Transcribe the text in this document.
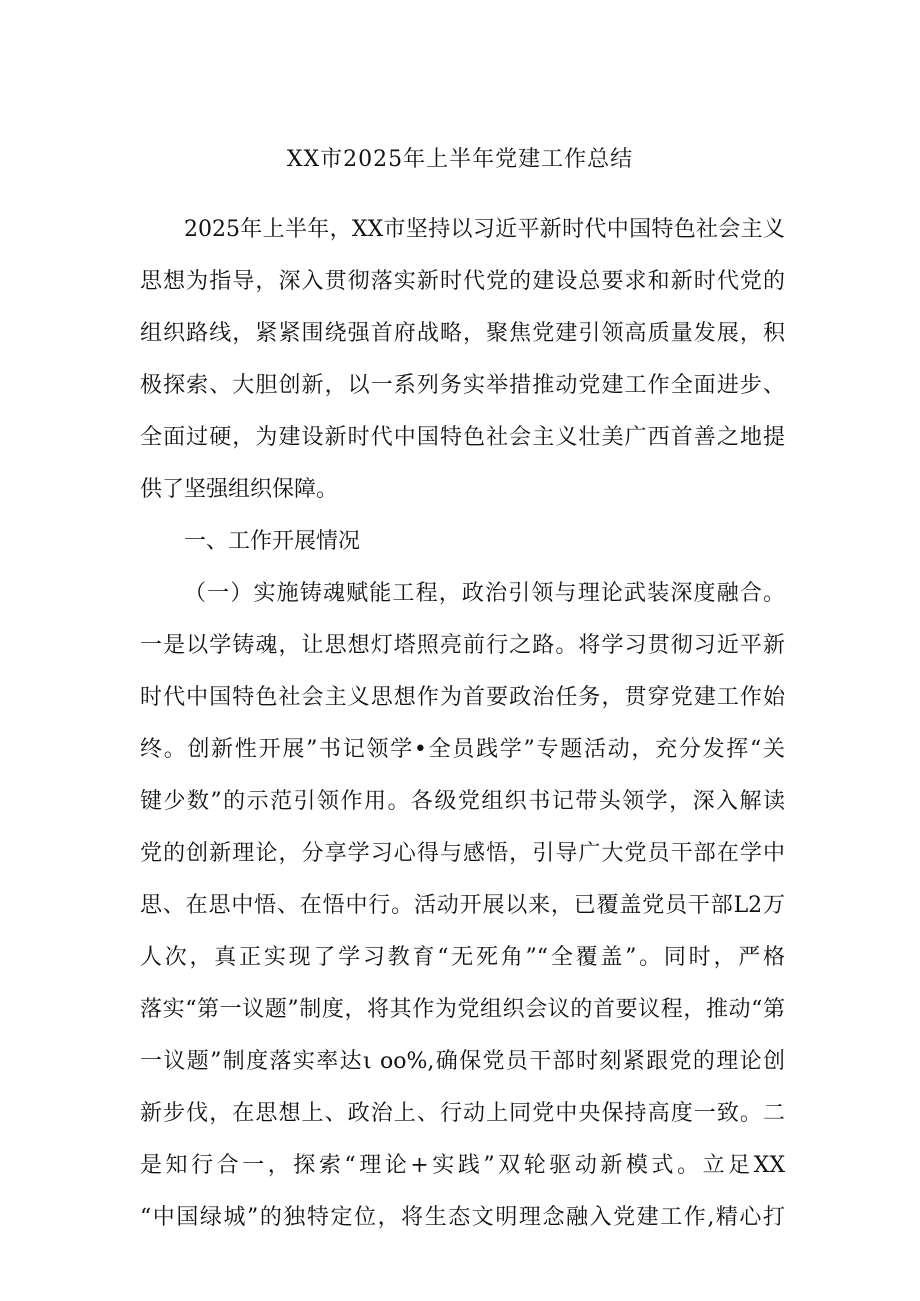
XX市2025年上半年党建工作总结
2025年上半年，XX市坚持以习近平新时代中国特色社会主义
思想为指导，深入贯彻落实新时代党的建设总要求和新时代党的
组织路线，紧紧围绕强首府战略，聚焦党建引领高质量发展，积
极探索、大胆创新，以一系列务实举措推动党建工作全面进步、
全面过硬，为建设新时代中国特色社会主义壮美广西首善之地提
供了坚强组织保障。
一、工作开展情况
（一）实施铸魂赋能工程，政治引领与理论武装深度融合。
一是以学铸魂，让思想灯塔照亮前行之路。将学习贯彻习近平新
时代中国特色社会主义思想作为首要政治任务，贯穿党建工作始
终。创新性开展”书记领学•全员践学”专题活动，充分发挥“关
键少数”的示范引领作用。各级党组织书记带头领学，深入解读
党的创新理论，分享学习心得与感悟，引导广大党员干部在学中
思、在思中悟、在悟中行。活动开展以来，已覆盖党员干部L2万
人次，真正实现了学习教育“无死角”“全覆盖”。同时，严格
落实“第一议题”制度，将其作为党组织会议的首要议程，推动“第
一议题”制度落实率达ι oo%,确保党员干部时刻紧跟党的理论创
新步伐，在思想上、政治上、行动上同党中央保持高度一致。二
是知行合一，探索“理论+实践”双轮驱动新模式。立足XX
“中国绿城”的独特定位，将生态文明理念融入党建工作,精心打
